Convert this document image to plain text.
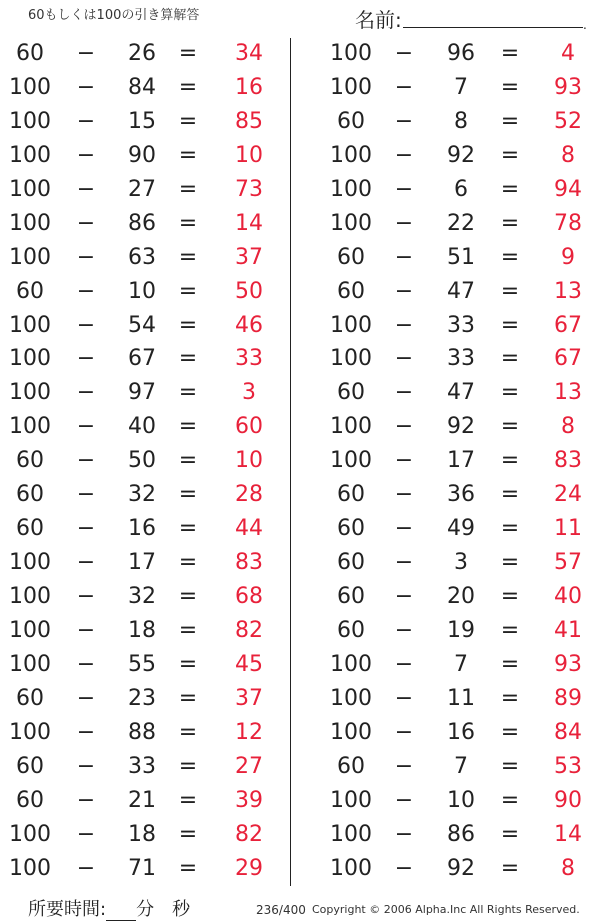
60もしくは100の引き算解答	名前:	.
60	−	26	=	34
100	−	84	=	16
100	−	15	=	85
100	−	90	=	10
100	−	27	=	73
100	−	86	=	14
100	−	63	=	37
60	−	10	=	50
100	−	54	=	46
100	−	67	=	33
100	−	97	=	3
100	−	40	=	60
60	−	50	=	10
60	−	32	=	28
60	−	16	=	44
100	−	17	=	83
100	−	32	=	68
100	−	18	=	82
100	−	55	=	45
60	−	23	=	37
100	−	88	=	12
60	−	33	=	27
60	−	21	=	39
100	−	18	=	82
100	−	71	=	29
100	−	96	=	4
100	−	7	=	93
60	−	8	=	52
100	−	92	=	8
100	−	6	=	94
100	−	22	=	78
60	−	51	=	9
60	−	47	=	13
100	−	33	=	67
100	−	33	=	67
60	−	47	=	13
100	−	92	=	8
100	−	17	=	83
60	−	36	=	24
60	−	49	=	11
60	−	3	=	57
60	−	20	=	40
60	−	19	=	41
100	−	7	=	93
100	−	11	=	89
100	−	16	=	84
60	−	7	=	53
100	−	10	=	90
100	−	86	=	14
100	−	92	=	8
所要時間: 分 秒	236/400 Copyright © 2006 Alpha.Inc All Rights Reserved.
